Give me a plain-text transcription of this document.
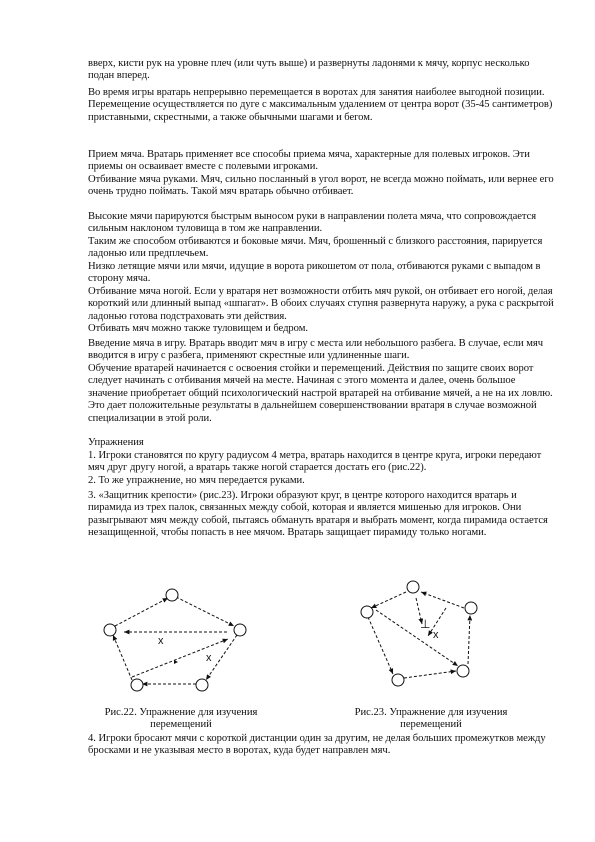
вверх, кисти рук на уровне плеч (или чуть выше) и развернуты ладонями к мячу, корпус несколько подан вперед.

Во время игры вратарь непрерывно перемещается в воротах для занятия наиболее выгодной позиции. Перемещение осуществляется по дуге с максимальным удалением от центра ворот (35-45 сантиметров) приставными, скрестными, а также обычными шагами и бегом.

Прием мяча. Вратарь применяет все способы приема мяча, характерные для полевых игроков. Эти приемы он осваивает вместе с полевыми игроками.

Отбивание мяча руками. Мяч, сильно посланный в угол ворот, не всегда можно поймать, или вернее его очень трудно поймать. Такой мяч вратарь обычно отбивает.

Высокие мячи парируются быстрым выносом руки в направлении полета мяча, что сопровождается сильным наклоном туловища в том же направлении.

Таким же способом отбиваются и боковые мячи. Мяч, брошенный с близкого расстояния, парируется ладонью или предплечьем.

Низко летящие мячи или мячи, идущие в ворота рикошетом от пола, отбиваются руками с выпадом в сторону мяча.

Отбивание мяча ногой. Если у вратаря нет возможности отбить мяч рукой, он отбивает его ногой, делая короткий или длинный выпад «шпагат». В обоих случаях ступня развернута наружу, а рука с раскрытой ладонью готова подстраховать эти действия.

Отбивать мяч можно также туловищем и бедром.

Введение мяча в игру. Вратарь вводит мяч в игру с места или небольшого разбега. В случае, если мяч вводится в игру с разбега, применяют скрестные или удлиненные шаги.

Обучение вратарей начинается с освоения стойки и перемещений. Действия по защите своих ворот следует начинать с отбивания мячей на месте. Начиная с этого момента и далее, очень большое значение приобретает общий психологический настрой вратарей на отбивание мячей, а не на их ловлю. Это дает положительные результаты в дальнейшем совершенствовании вратаря в случае возможной специализации в этой роли.

Упражнения

1. Игроки становятся по кругу радиусом 4 метра, вратарь находится в центре круга, игроки передают мяч друг другу ногой, а вратарь также ногой старается достать его (рис.22).

2. То же упражнение, но мяч передается руками.

3. «Защитник крепости» (рис.23). Игроки образуют круг, в центре которого находится вратарь и пирамида из трех палок, связанных между собой, которая и является мишенью для игроков. Они разыгрывают мяч между собой, пытаясь обмануть вратаря и выбрать момент, когда пирамида остается незащищенной, чтобы попасть в нее мячом. Вратарь защищает пирамиду только ногами.

x
x
Рис.22. Упражнение для изучения
перемещений
⊥
x
Рис.23. Упражнение для изучения
перемещений

4. Игроки бросают мячи с короткой дистанции один за другим, не делая больших промежутков между бросками и не указывая место в воротах, куда будет направлен мяч.
